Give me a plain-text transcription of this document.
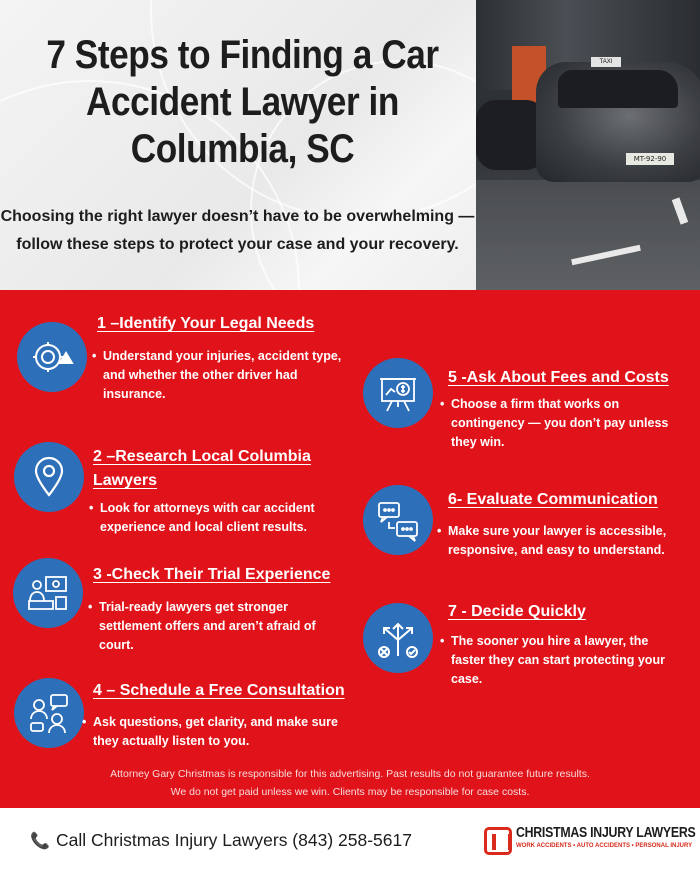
7 Steps to Finding a Car Accident Lawyer in Columbia, SC

Choosing the right lawyer doesn’t have to be overwhelming — follow these steps to protect your case and your recovery.

TAXI
MT-92-90
1 –Identify Your Legal Needs
• Understand your injuries, accident type, and whether the other driver had insurance.
2 –Research Local Columbia Lawyers
• Look for attorneys with car accident experience and local client results.
3 -Check Their Trial Experience
• Trial-ready lawyers get stronger settlement offers and aren’t afraid of court.
4 – Schedule a Free Consultation
• Ask questions, get clarity, and make sure they actually listen to you.
5 -Ask About Fees and Costs
• Choose a firm that works on contingency — you don’t pay unless they win.
6- Evaluate Communication
• Make sure your lawyer is accessible, responsive, and easy to understand.
7 - Decide Quickly
• The sooner you hire a lawyer, the faster they can start protecting your case.
Attorney Gary Christmas is responsible for this advertising. Past results do not guarantee future results.
We do not get paid unless we win. Clients may be responsible for case costs.
📞 Call Christmas Injury Lawyers (843) 258-5617	CHRISTMAS INJURY LAWYERS
WORK ACCIDENTS • AUTO ACCIDENTS • PERSONAL INJURY
